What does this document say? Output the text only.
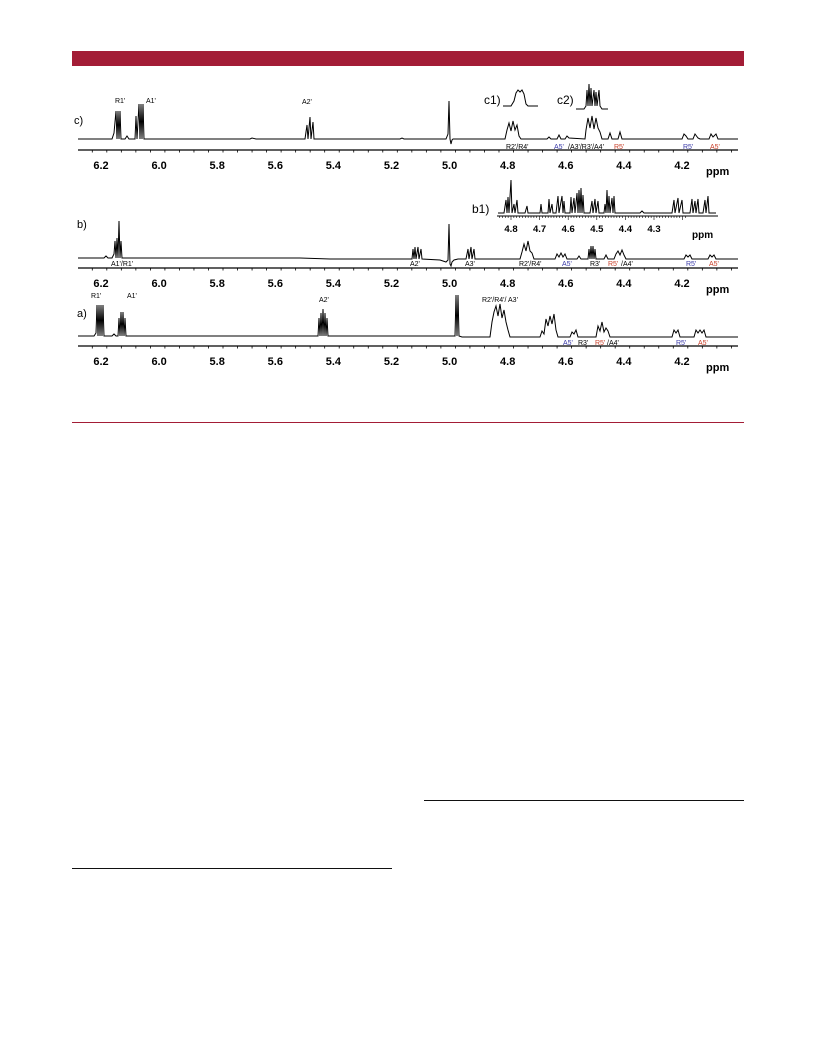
c)
c1)	c2)
R1'	A1'	A2'
R2'/R4'	A5' /A3'/R3'/A4' R5'	R5' A5'
6.2	6.0	5.8	5.6	5.4	5.2	5.0	4.8	4.6	4.4	4.2 ppm
b)
b1)
4.8 4.7 4.6 4.5 4.4 4.3
ppm
A1'/R1'	A2'	A3'	R2'/R4'	A5'	R3' R5' /A4'	R5' A5'
6.2	6.0	5.8	5.6	5.4	5.2	5.0	4.8	4.6	4.4	4.2 ppm
a)
R1'	A1'
A2'	R2'/R4'/ A3'
A5' R3' R5' /A4'	R5' A5'
6.2	6.0	5.8	5.6	5.4	5.2	5.0	4.8	4.6	4.4	4.2 ppm
